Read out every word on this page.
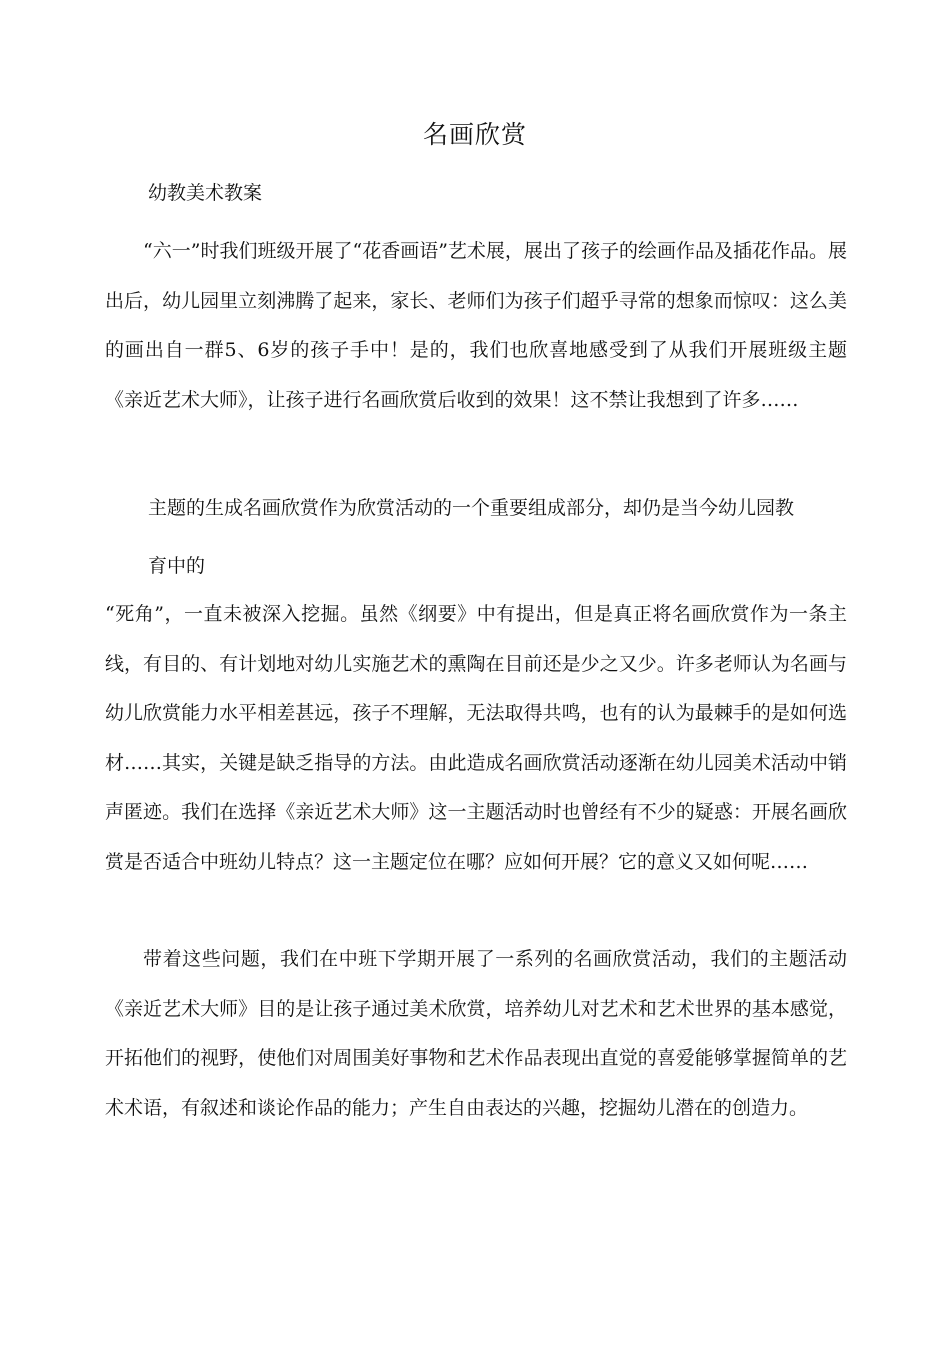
名画欣赏
幼教美术教案

“六一”时我们班级开展了“花香画语”艺术展，展出了孩子的绘画作品及插花作品。展出后，幼儿园里立刻沸腾了起来，家长、老师们为孩子们超乎寻常的想象而惊叹：这么美的画出自一群5、6岁的孩子手中！是的，我们也欣喜地感受到了从我们开展班级主题《亲近艺术大师》，让孩子进行名画欣赏后收到的效果！这不禁让我想到了许多……

主题的生成名画欣赏作为欣赏活动的一个重要组成部分，却仍是当今幼儿园教

育中的

“死角”，一直未被深入挖掘。虽然《纲要》中有提出，但是真正将名画欣赏作为一条主线，有目的、有计划地对幼儿实施艺术的熏陶在目前还是少之又少。许多老师认为名画与幼儿欣赏能力水平相差甚远，孩子不理解，无法取得共鸣，也有的认为最棘手的是如何选材……其实，关键是缺乏指导的方法。由此造成名画欣赏活动逐渐在幼儿园美术活动中销声匿迹。我们在选择《亲近艺术大师》这一主题活动时也曾经有不少的疑惑：开展名画欣赏是否适合中班幼儿特点？这一主题定位在哪？应如何开展？它的意义又如何呢……

带着这些问题，我们在中班下学期开展了一系列的名画欣赏活动，我们的主题活动《亲近艺术大师》目的是让孩子通过美术欣赏，培养幼儿对艺术和艺术世界的基本感觉，开拓他们的视野，使他们对周围美好事物和艺术作品表现出直觉的喜爱能够掌握简单的艺术术语，有叙述和谈论作品的能力；产生自由表达的兴趣，挖掘幼儿潜在的创造力。
